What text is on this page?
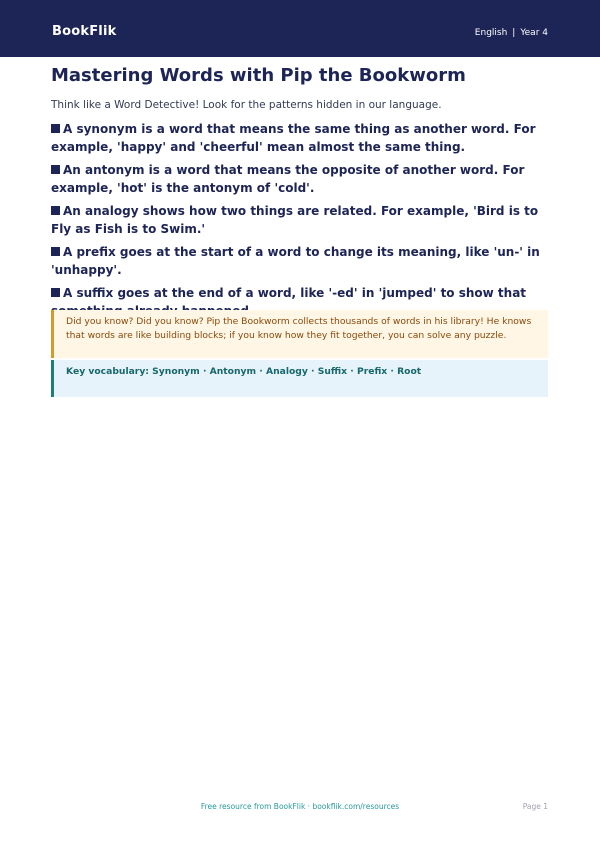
BookFlik	English | Year 4
Mastering Words with Pip the Bookworm
Think like a Word Detective! Look for the patterns hidden in our language.
A synonym is a word that means the same thing as another word. For example, 'happy' and 'cheerful' mean almost the same thing.
An antonym is a word that means the opposite of another word. For example, 'hot' is the antonym of 'cold'.
An analogy shows how two things are related. For example, 'Bird is to Fly as Fish is to Swim.'
A prefix goes at the start of a word to change its meaning, like 'un-' in 'unhappy'.
A suffix goes at the end of a word, like '-ed' in 'jumped' to show that
Did you know? Did you know? Pip the Bookworm collects thousands of words in his library! He knows that words are like building blocks; if you know how they fit together, you can solve any puzzle.
Key vocabulary: Synonym · Antonym · Analogy · Suffix · Prefix · Root
Free resource from BookFlik · bookflik.com/resources	Page 1
